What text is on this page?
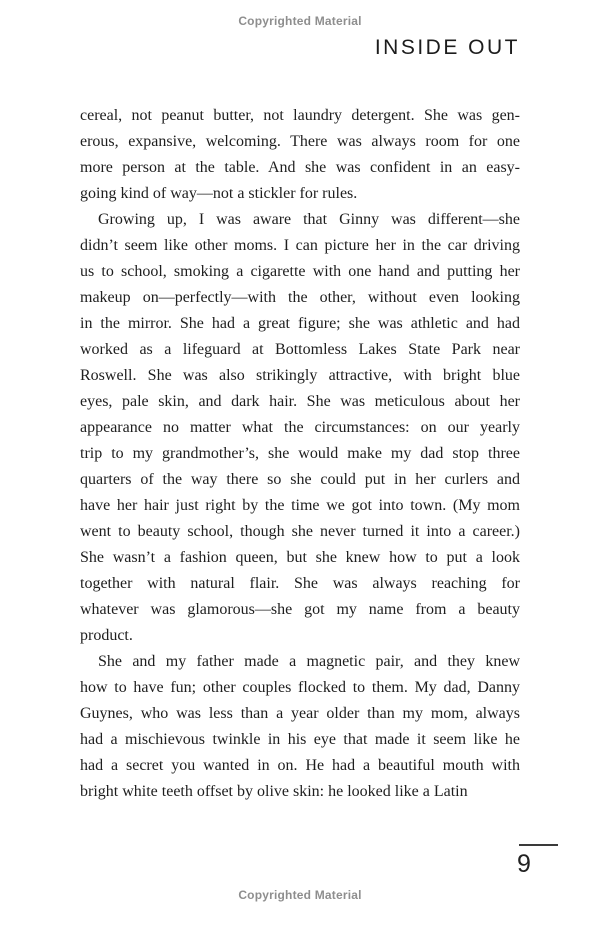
Copyrighted Material
INSIDE OUT
cereal, not peanut butter, not laundry detergent. She was gen-
erous, expansive, welcoming. There was always room for one
more person at the table. And she was confident in an easy-
going kind of way—not a stickler for rules.
Growing up, I was aware that Ginny was different—she
didn’t seem like other moms. I can picture her in the car driving
us to school, smoking a cigarette with one hand and putting her
makeup on—perfectly—with the other, without even looking
in the mirror. She had a great figure; she was athletic and had
worked as a lifeguard at Bottomless Lakes State Park near
Roswell. She was also strikingly attractive, with bright blue
eyes, pale skin, and dark hair. She was meticulous about her
appearance no matter what the circumstances: on our yearly
trip to my grandmother’s, she would make my dad stop three
quarters of the way there so she could put in her curlers and
have her hair just right by the time we got into town. (My mom
went to beauty school, though she never turned it into a career.)
She wasn’t a fashion queen, but she knew how to put a look
together with natural flair. She was always reaching for
whatever was glamorous—she got my name from a beauty
product.
She and my father made a magnetic pair, and they knew
how to have fun; other couples flocked to them. My dad, Danny
Guynes, who was less than a year older than my mom, always
had a mischievous twinkle in his eye that made it seem like he
had a secret you wanted in on. He had a beautiful mouth with
bright white teeth offset by olive skin: he looked like a Latin
9
Copyrighted Material
